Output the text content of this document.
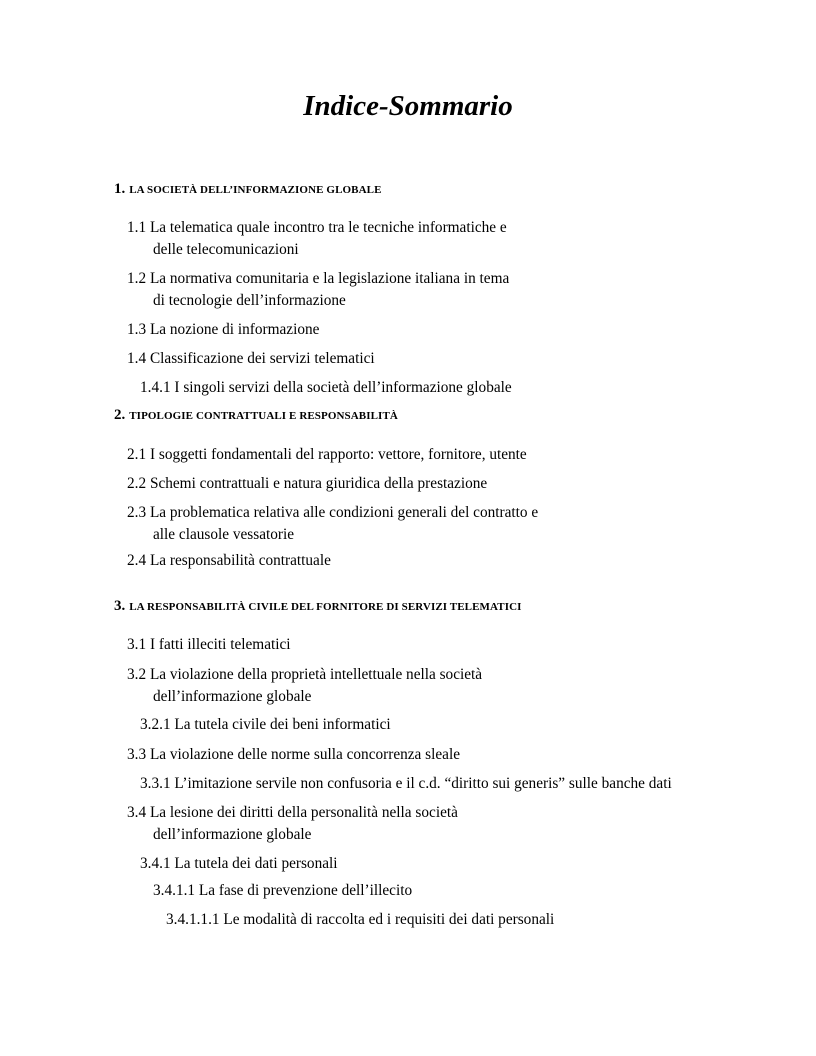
Indice-Sommario
1. LA SOCIETÀ DELL’INFORMAZIONE GLOBALE
1.1 La telematica quale incontro tra le tecniche informatiche e
delle telecomunicazioni
1.2 La normativa comunitaria e la legislazione italiana in tema
di tecnologie dell’informazione
1.3 La nozione di informazione
1.4 Classificazione dei servizi telematici
1.4.1 I singoli servizi della società dell’informazione globale
2. TIPOLOGIE CONTRATTUALI E RESPONSABILITÀ
2.1 I soggetti fondamentali del rapporto: vettore, fornitore, utente
2.2 Schemi contrattuali e natura giuridica della prestazione
2.3 La problematica relativa alle condizioni generali del contratto e
alle clausole vessatorie
2.4 La responsabilità contrattuale
3. LA RESPONSABILITÀ CIVILE DEL FORNITORE DI SERVIZI TELEMATICI
3.1 I fatti illeciti telematici
3.2 La violazione della proprietà intellettuale nella società
dell’informazione globale
3.2.1 La tutela civile dei beni informatici
3.3 La violazione delle norme sulla concorrenza sleale
3.3.1 L’imitazione servile non confusoria e il c.d. “diritto sui generis” sulle banche dati
3.4 La lesione dei diritti della personalità nella società
dell’informazione globale
3.4.1 La tutela dei dati personali
3.4.1.1 La fase di prevenzione dell’illecito
3.4.1.1.1 Le modalità di raccolta ed i requisiti dei dati personali
